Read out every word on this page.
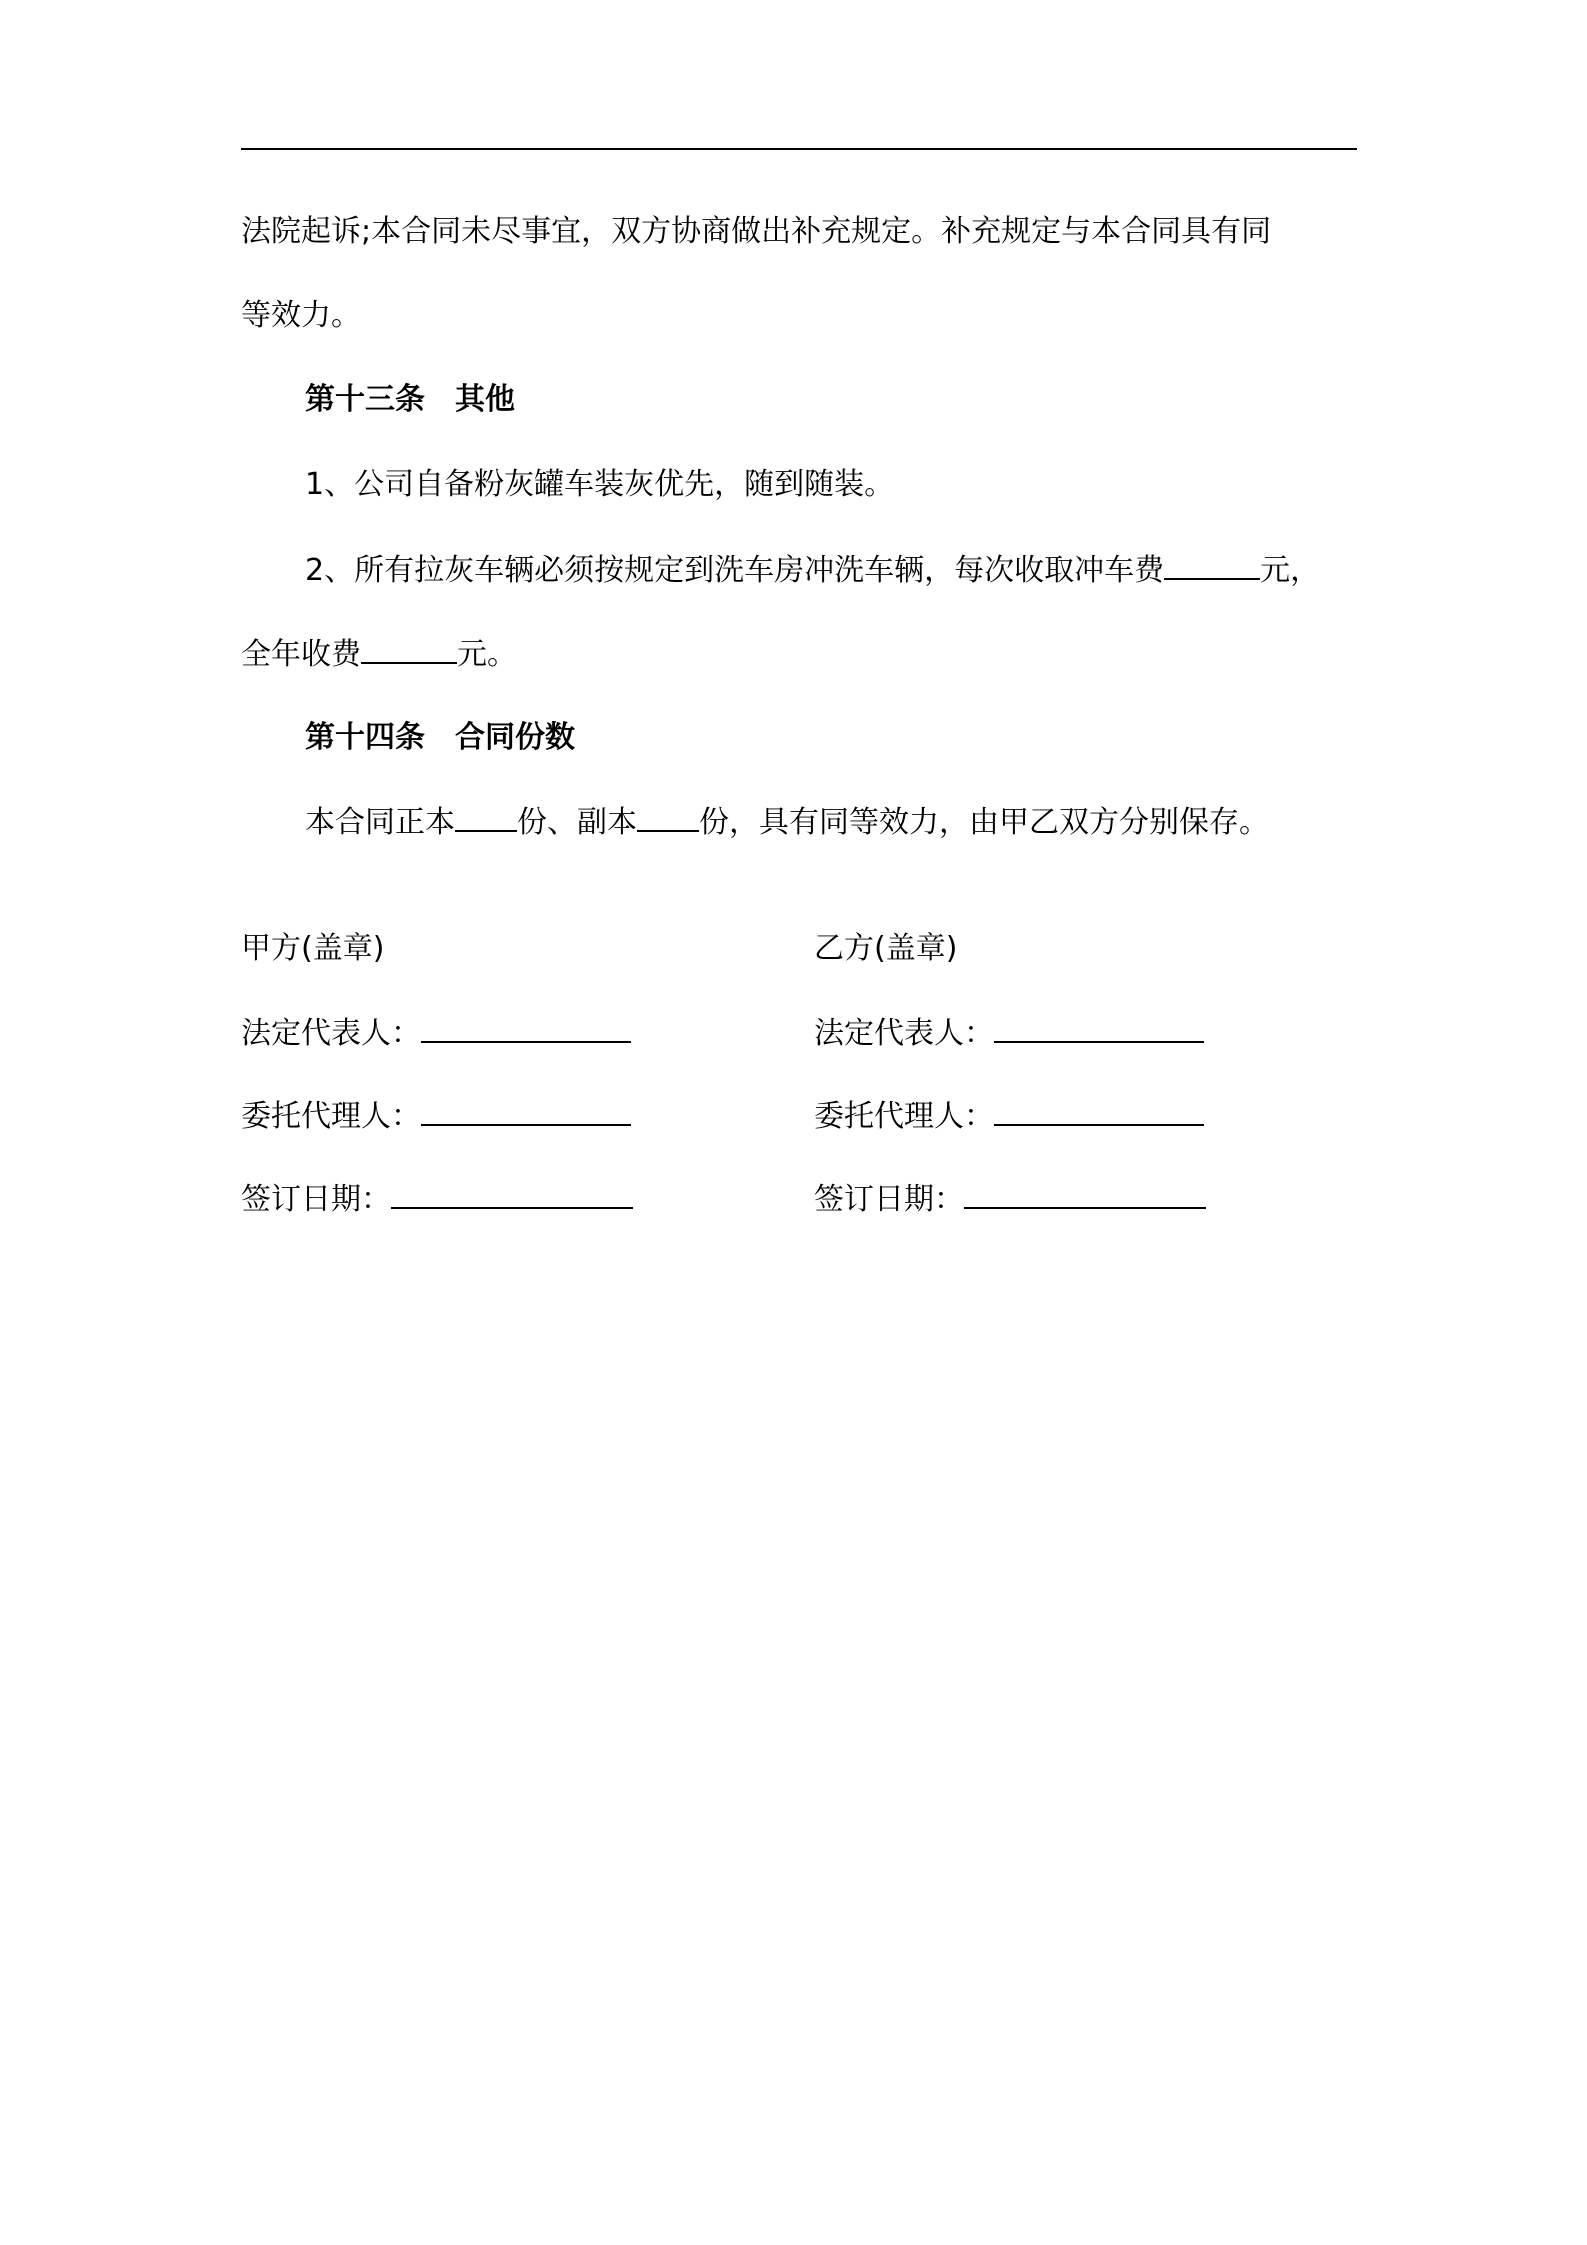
法院起诉;本合同未尽事宜，双方协商做出补充规定。补充规定与本合同具有同
等效力。
第十三条　其他
1、公司自备粉灰罐车装灰优先，随到随装。
2、所有拉灰车辆必须按规定到洗车房冲洗车辆，每次收取冲车费	元，
全年收费	元。
第十四条　合同份数
本合同正本 份、副本 份，具有同等效力，由甲乙双方分别保存。
甲方(盖章)	乙方(盖章)
法定代表人：	法定代表人：
委托代理人：	委托代理人：
签订日期：	签订日期：
